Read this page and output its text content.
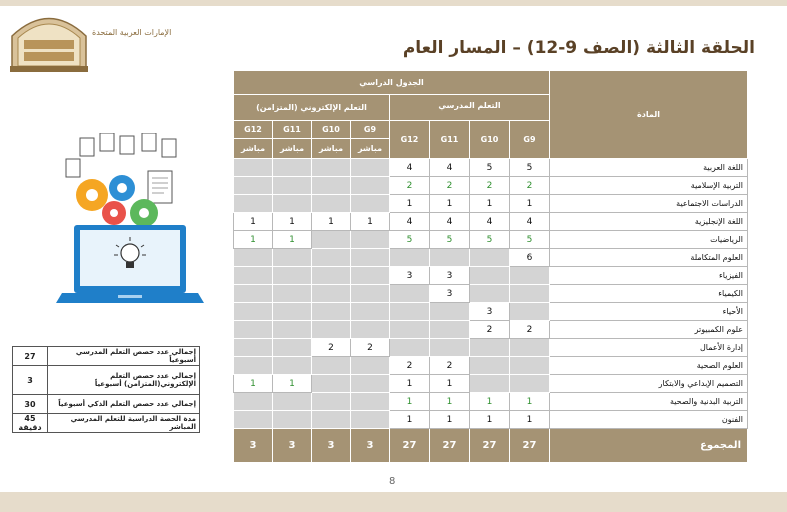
الإمارات العربية المتحدة
الحلقة الثالثة (الصف 9-12) – المسار العام
27	إجمالي عدد حصص التعلم المدرسي أسبوعياً
3	إجمالي عدد حصص التعلم الإلكتروني(المتزامن) أسبوعياً
30	إجمالي عدد حصص التعلم الذكي أسبوعياً
45 دقيقة	مدة الحصة الدراسية للتعلم المدرسي المباشر
الجدول الدراسي								المادة
التعلم الإلكتروني (المتزامن)				التعلم المدرسي				
G12	G11	G10	G9	G12	G11	G10	G9	
مباشر	مباشر	مباشر	مباشر					
				4	4	5	5	اللغة العربية
				2	2	2	2	التربية الإسلامية
				1	1	1	1	الدراسات الاجتماعية
1	1	1	1	4	4	4	4	اللغة الإنجليزية
1	1			5	5	5	5	الرياضيات
							6	العلوم المتكاملة
				3	3			الفيزياء
					3			الكيمياء
						3		الأحياء
						2	2	علوم الكمبيوتر
		2	2					إدارة الأعمال
				2	2			العلوم الصحية
1	1			1	1			التصميم الإبداعي والابتكار
				1	1	1	1	التربية البدنية والصحية
				1	1	1	1	الفنون
3	3	3	3	27	27	27	27	المجموع
8
